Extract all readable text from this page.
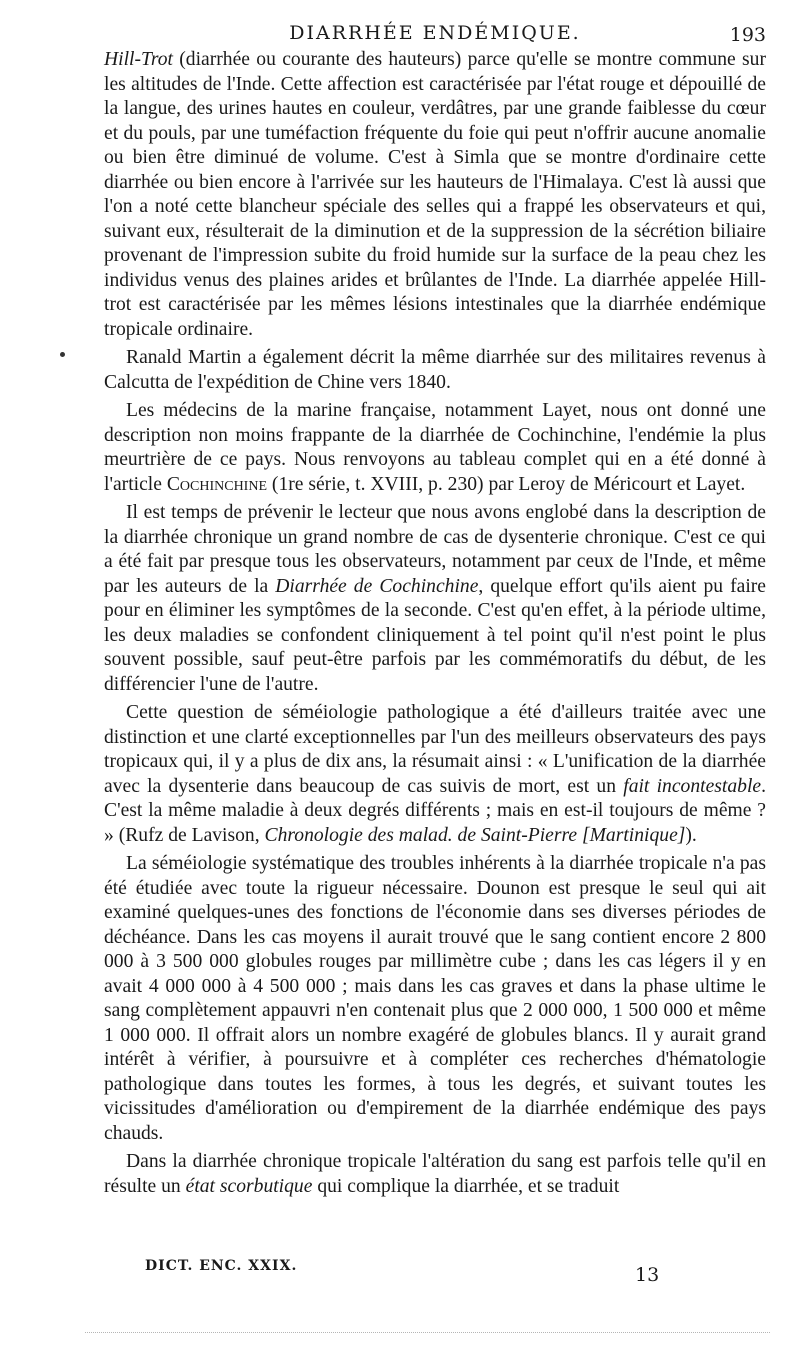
DIARRHÉE ENDÉMIQUE.	193

Hill-Trot (diarrhée ou courante des hauteurs) parce qu'elle se montre commune sur les altitudes de l'Inde. Cette affection est caractérisée par l'état rouge et dépouillé de la langue, des urines hautes en couleur, verdâtres, par une grande faiblesse du cœur et du pouls, par une tuméfaction fréquente du foie qui peut n'offrir aucune anomalie ou bien être diminué de volume. C'est à Simla que se montre d'ordinaire cette diarrhée ou bien encore à l'arrivée sur les hauteurs de l'Himalaya. C'est là aussi que l'on a noté cette blancheur spéciale des selles qui a frappé les observateurs et qui, suivant eux, résulterait de la diminution et de la suppression de la sécrétion biliaire provenant de l'impression subite du froid humide sur la surface de la peau chez les individus venus des plaines arides et brûlantes de l'Inde. La diarrhée appelée Hill-trot est caractérisée par les mêmes lésions intestinales que la diarrhée endémique tropicale ordinaire.

Ranald Martin a également décrit la même diarrhée sur des militaires revenus à Calcutta de l'expédition de Chine vers 1840.

Les médecins de la marine française, notamment Layet, nous ont donné une description non moins frappante de la diarrhée de Cochinchine, l'endémie la plus meurtrière de ce pays. Nous renvoyons au tableau complet qui en a été donné à l'article Cochinchine (1re série, t. XVIII, p. 230) par Leroy de Méricourt et Layet.

Il est temps de prévenir le lecteur que nous avons englobé dans la description de la diarrhée chronique un grand nombre de cas de dysenterie chronique. C'est ce qui a été fait par presque tous les observateurs, notamment par ceux de l'Inde, et même par les auteurs de la Diarrhée de Cochinchine, quelque effort qu'ils aient pu faire pour en éliminer les symptômes de la seconde. C'est qu'en effet, à la période ultime, les deux maladies se confondent cliniquement à tel point qu'il n'est point le plus souvent possible, sauf peut-être parfois par les commémoratifs du début, de les différencier l'une de l'autre.

Cette question de séméiologie pathologique a été d'ailleurs traitée avec une distinction et une clarté exceptionnelles par l'un des meilleurs observateurs des pays tropicaux qui, il y a plus de dix ans, la résumait ainsi : « L'unification de la diarrhée avec la dysenterie dans beaucoup de cas suivis de mort, est un fait incontestable. C'est la même maladie à deux degrés différents ; mais en est-il toujours de même ? » (Rufz de Lavison, Chronologie des malad. de Saint-Pierre [Martinique]).

La séméiologie systématique des troubles inhérents à la diarrhée tropicale n'a pas été étudiée avec toute la rigueur nécessaire. Dounon est presque le seul qui ait examiné quelques-unes des fonctions de l'économie dans ses diverses périodes de déchéance. Dans les cas moyens il aurait trouvé que le sang contient encore 2 800 000 à 3 500 000 globules rouges par millimètre cube ; dans les cas légers il y en avait 4 000 000 à 4 500 000 ; mais dans les cas graves et dans la phase ultime le sang complètement appauvri n'en contenait plus que 2 000 000, 1 500 000 et même 1 000 000. Il offrait alors un nombre exagéré de globules blancs. Il y aurait grand intérêt à vérifier, à poursuivre et à compléter ces recherches d'hématologie pathologique dans toutes les formes, à tous les degrés, et suivant toutes les vicissitudes d'amélioration ou d'empirement de la diarrhée endémique des pays chauds.

Dans la diarrhée chronique tropicale l'altération du sang est parfois telle qu'il en résulte un état scorbutique qui complique la diarrhée, et se traduit

DICT. ENC. XXIX.	13
